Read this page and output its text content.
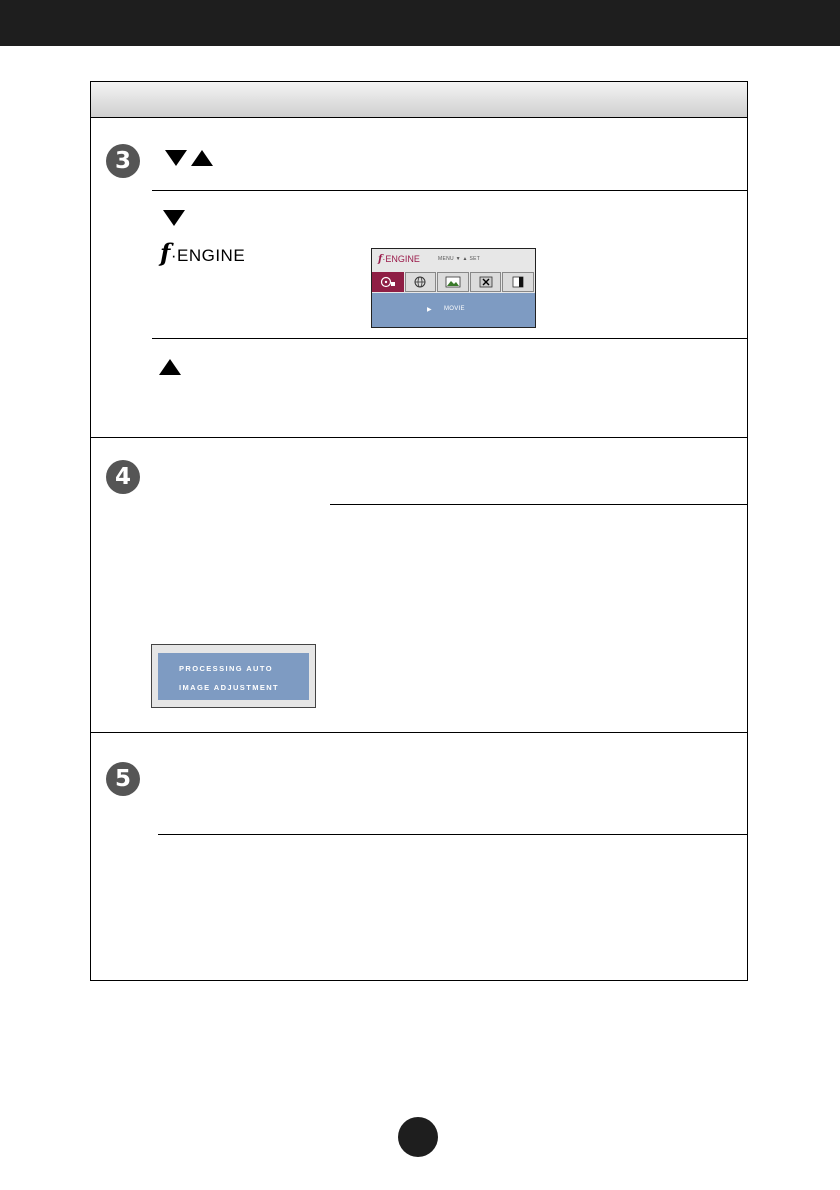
3
4
5
f·ENGINE	f·ENGINE	MENU ▼ ▲ SET
▶ MOVIE
PROCESSING AUTO
IMAGE ADJUSTMENT
